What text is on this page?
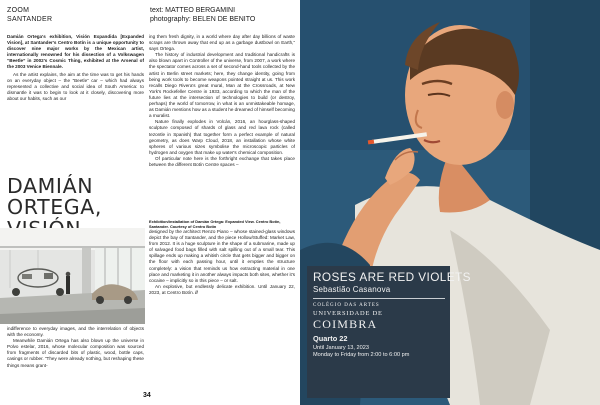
ZOOM
SANTANDER
text: MATTEO BERGAMINI
photography: BELEN DE BENITO

Damián Ortega's exhibition, Visión Expandida [Expanded Vision], at Santander's Centro Botín is a unique opportunity to discover nine major works by the Mexican artist, internationally renowned for his dissection of a Volkswagen “Beetle” in 2002's Cosmic Thing, exhibited at the Arsenal of the 2003 Venice Biennale.

As the artist explains, the aim at the time was to get his hands on an everyday object – the “Beetle” car – which had always represented a collective and social idea of South America: to dismantle it was to begin to look at it closely, discovering more about our habits, such as our

DAMIÁN
ORTEGA,

ing them fresh dignity, in a world where day after day billions of waste scraps are thrown away that end up as a garbage dustbowl on Earth,” says Ortega.

The history of industrial development and traditional handicrafts is also blown apart in Controller of the universe, from 2007, a work where the spectator comes across a set of second-hand tools collected by the artist in Berlin street markets; here, they change identity, going from being work tools to become weapons pointed straight at us. This work recalls Diego Rivera's great mural, Man at the Crossroads, at New York's Rockefeller Centre in 1933, according to which the man of the future lies at the intersection of technologies to build (or destroy, perhaps) the world of tomorrow, in what is an unmistakeable homage, as Damián mentions how as a student he dreamed of himself becoming a muralist.

Nature finally explodes in Volcán, 2016, an hourglass-shaped sculpture composed of shards of glass and red lava rock (called tezontle in Spanish) that together form a perfect example of natural geometry, as does Warp Cloud, 2018, an installation whose white spheres of various sizes symbolise the microscopic particles of hydrogen and oxygen that make up water's chemical composition.

Of particular note here is the forthright exchange that takes place between the different Botín Centre spaces –

Exhibition/installation of Damián Ortega: Expanded View. Centro Botín, Santander. Courtesy of Centro Botín

indifference to everyday images, and the interrelation of objects with the economy.

Meanwhile Damián Ortega has also blown up the universe in Polvo estelar, 2016, whose molecular composition was sourced from fragments of discarded bits of plastic, wood, bottle caps, casings or rubber. “They were already nothing, but reshaping these things means grant-

designed by the architect Renzo Piano – whose stained-glass windows depict the bay of Santander, and the piece Hollow/Stuffed: Market Law, from 2012. It is a huge sculpture in the shape of a submarine, made up of salvaged food bags filled with salt spilling out of a small tear. This spillage ends up making a whitish circle that gets bigger and bigger on the floor with each passing hour, until it empties the structure completely: a vision that reminds us how extracting material in one place and marketing it in another always impacts both sites, whether it's cocaine – implicitly so in this piece – or salt.

An explosive, but endlessly delicate exhibition. Until January 22, 2023, at Centro Botín. //

34
ROSES ARE RED VIOLETS
Sebastião Casanova
COLÉGIO DAS ARTES
UNIVERSIDADE DE
COIMBRA
Quarto 22
Until January 13, 2023
Monday to Friday from 2:00 to 6:00 pm
